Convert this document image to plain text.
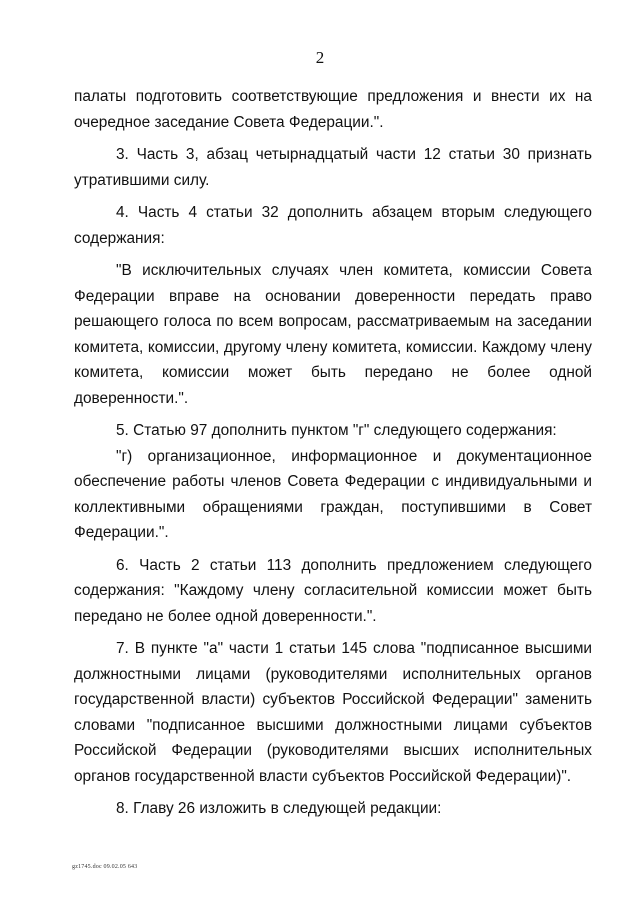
2

палаты подготовить соответствующие предложения и внести их на очередное заседание Совета Федерации.".

3. Часть 3, абзац четырнадцатый части 12 статьи 30 признать утратившими силу.

4. Часть 4 статьи 32 дополнить абзацем вторым следующего содержания:

"В исключительных случаях член комитета, комиссии Совета Федерации вправе на основании доверенности передать право решающего голоса по всем вопросам, рассматриваемым на заседании комитета, комиссии, другому члену комитета, комиссии. Каждому члену комитета, комиссии может быть передано не более одной доверенности.".

5. Статью 97 дополнить пунктом "г" следующего содержания:

"г) организационное, информационное и документационное обеспечение работы членов Совета Федерации с индивидуальными и коллективными обращениями граждан, поступившими в Совет Федерации.".

6. Часть 2 статьи 113 дополнить предложением следующего содержания: "Каждому члену согласительной комиссии может быть передано не более одной доверенности.".

7. В пункте "а" части 1 статьи 145 слова "подписанное высшими должностными лицами (руководителями исполнительных органов государственной власти) субъектов Российской Федерации" заменить словами "подписанное высшими должностными лицами субъектов Российской Федерации (руководителями высших исполнительных органов государственной власти субъектов Российской Федерации)".

8. Главу 26 изложить в следующей редакции:

gz1745.doc 09.02.05 643
